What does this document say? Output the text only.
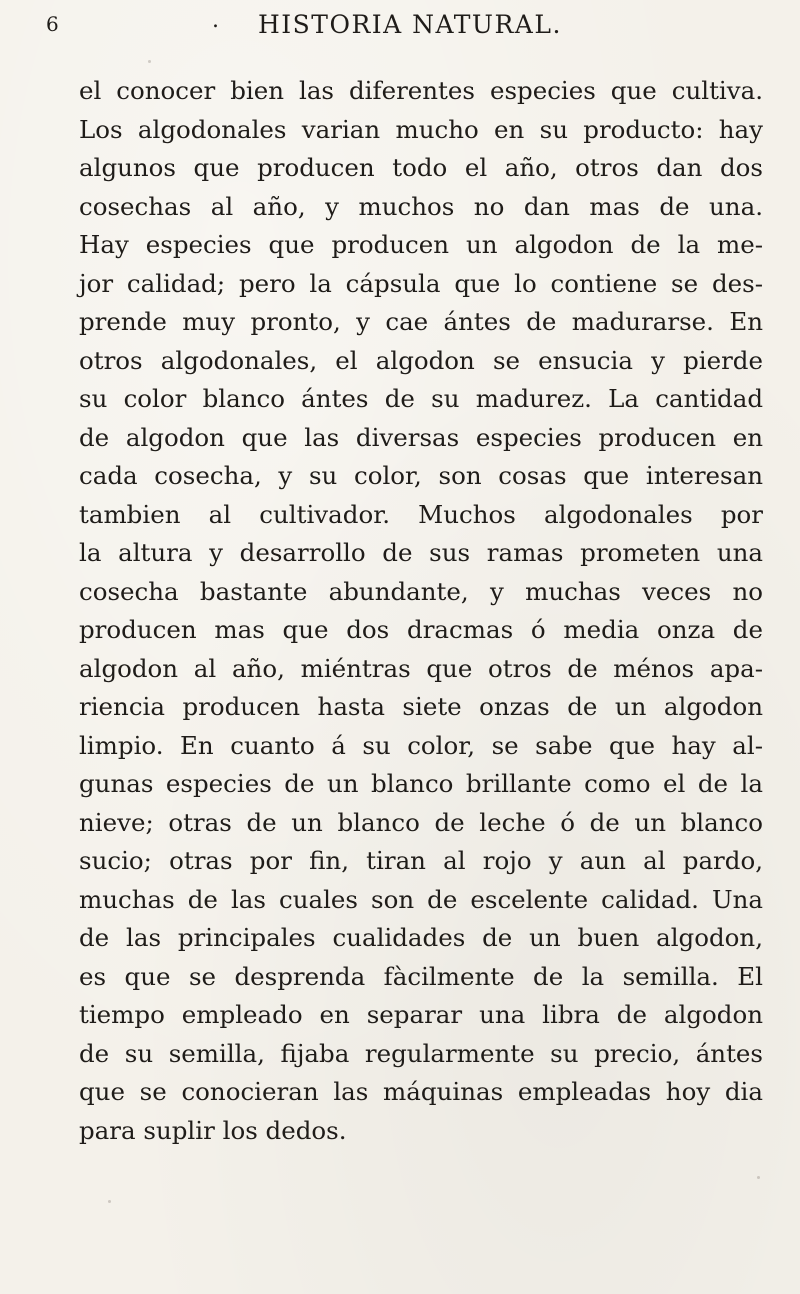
6	. HISTORIA NATURAL.
el conocer bien las diferentes especies que cultiva.
Los algodonales varian mucho en su producto: hay
algunos que producen todo el año, otros dan dos
cosechas al año, y muchos no dan mas de una.
Hay especies que producen un algodon de la me-
jor calidad; pero la cápsula que lo contiene se des-
prende muy pronto, y cae ántes de madurarse. En
otros algodonales, el algodon se ensucia y pierde
su color blanco ántes de su madurez. La cantidad
de algodon que las diversas especies producen en
cada cosecha, y su color, son cosas que interesan
tambien al cultivador. Muchos algodonales por
la altura y desarrollo de sus ramas prometen una
cosecha bastante abundante, y muchas veces no
producen mas que dos dracmas ó media onza de
algodon al año, miéntras que otros de ménos apa-
riencia producen hasta siete onzas de un algodon
limpio. En cuanto á su color, se sabe que hay al-
gunas especies de un blanco brillante como el de la
nieve; otras de un blanco de leche ó de un blanco
sucio; otras por fin, tiran al rojo y aun al pardo,
muchas de las cuales son de escelente calidad. Una
de las principales cualidades de un buen algodon,
es que se desprenda fàcilmente de la semilla. El
tiempo empleado en separar una libra de algodon
de su semilla, fijaba regularmente su precio, ántes
que se conocieran las máquinas empleadas hoy dia
para suplir los dedos.
